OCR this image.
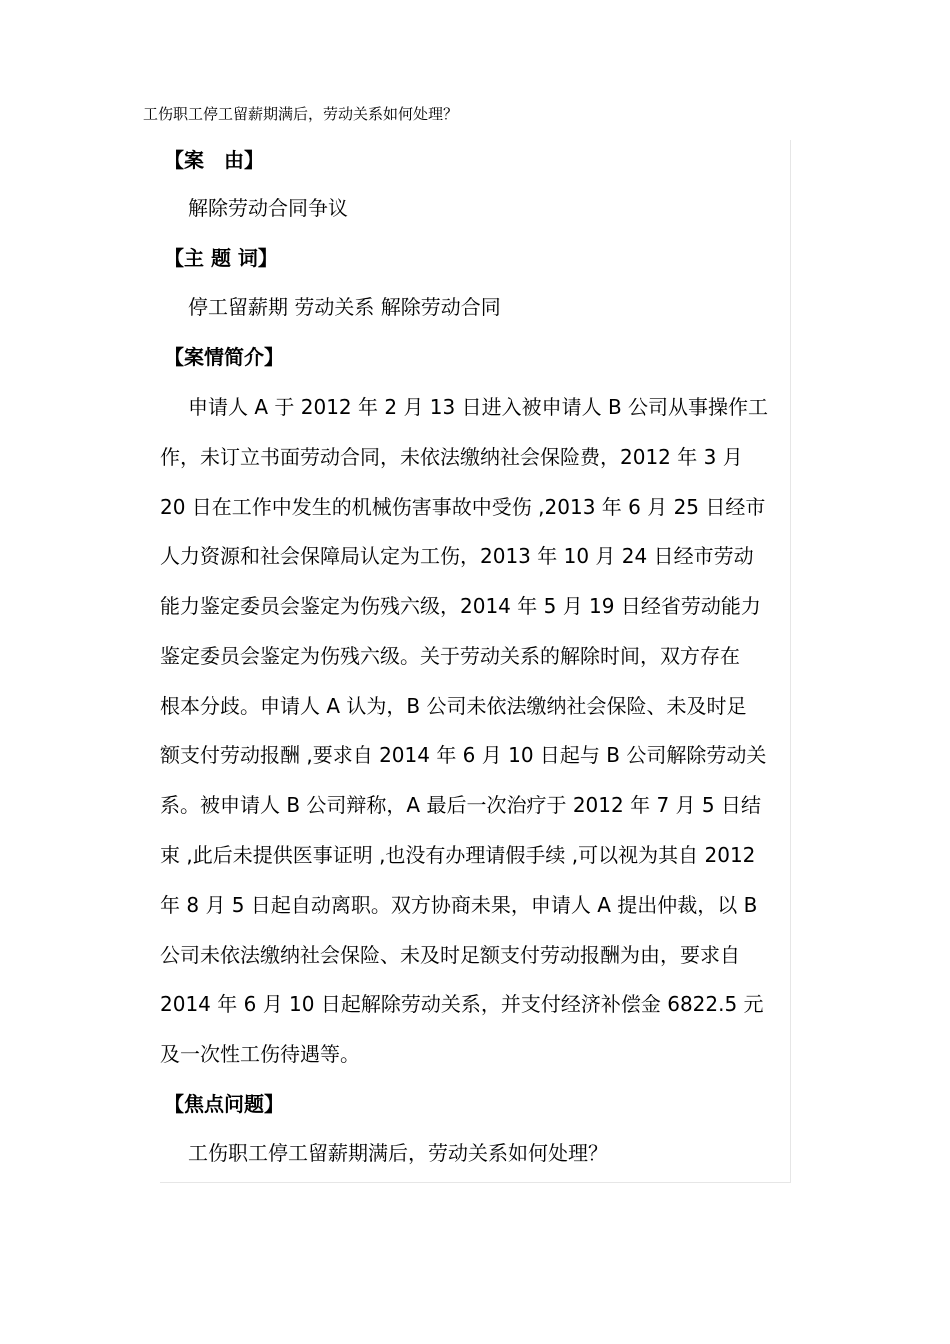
工伤职工停工留薪期满后，劳动关系如何处理？
【案　由】
解除劳动合同争议
【主 题 词】
停工留薪期 劳动关系 解除劳动合同
【案情简介】
申请人 A 于 2012 年 2 月 13 日进入被申请人 B 公司从事操作工
作，未订立书面劳动合同，未依法缴纳社会保险费，2012 年 3 月
20 日在工作中发生的机械伤害事故中受伤 ,2013 年 6 月 25 日经市
人力资源和社会保障局认定为工伤，2013 年 10 月 24 日经市劳动
能力鉴定委员会鉴定为伤残六级，2014 年 5 月 19 日经省劳动能力
鉴定委员会鉴定为伤残六级。关于劳动关系的解除时间，双方存在
根本分歧。申请人 A 认为，B 公司未依法缴纳社会保险、未及时足
额支付劳动报酬 ,要求自 2014 年 6 月 10 日起与 B 公司解除劳动关
系。被申请人 B 公司辩称，A 最后一次治疗于 2012 年 7 月 5 日结
束 ,此后未提供医事证明 ,也没有办理请假手续 ,可以视为其自 2012
年 8 月 5 日起自动离职。双方协商未果，申请人 A 提出仲裁，以 B
公司未依法缴纳社会保险、未及时足额支付劳动报酬为由，要求自
2014 年 6 月 10 日起解除劳动关系，并支付经济补偿金 6822.5 元
及一次性工伤待遇等。
【焦点问题】
工伤职工停工留薪期满后，劳动关系如何处理？
